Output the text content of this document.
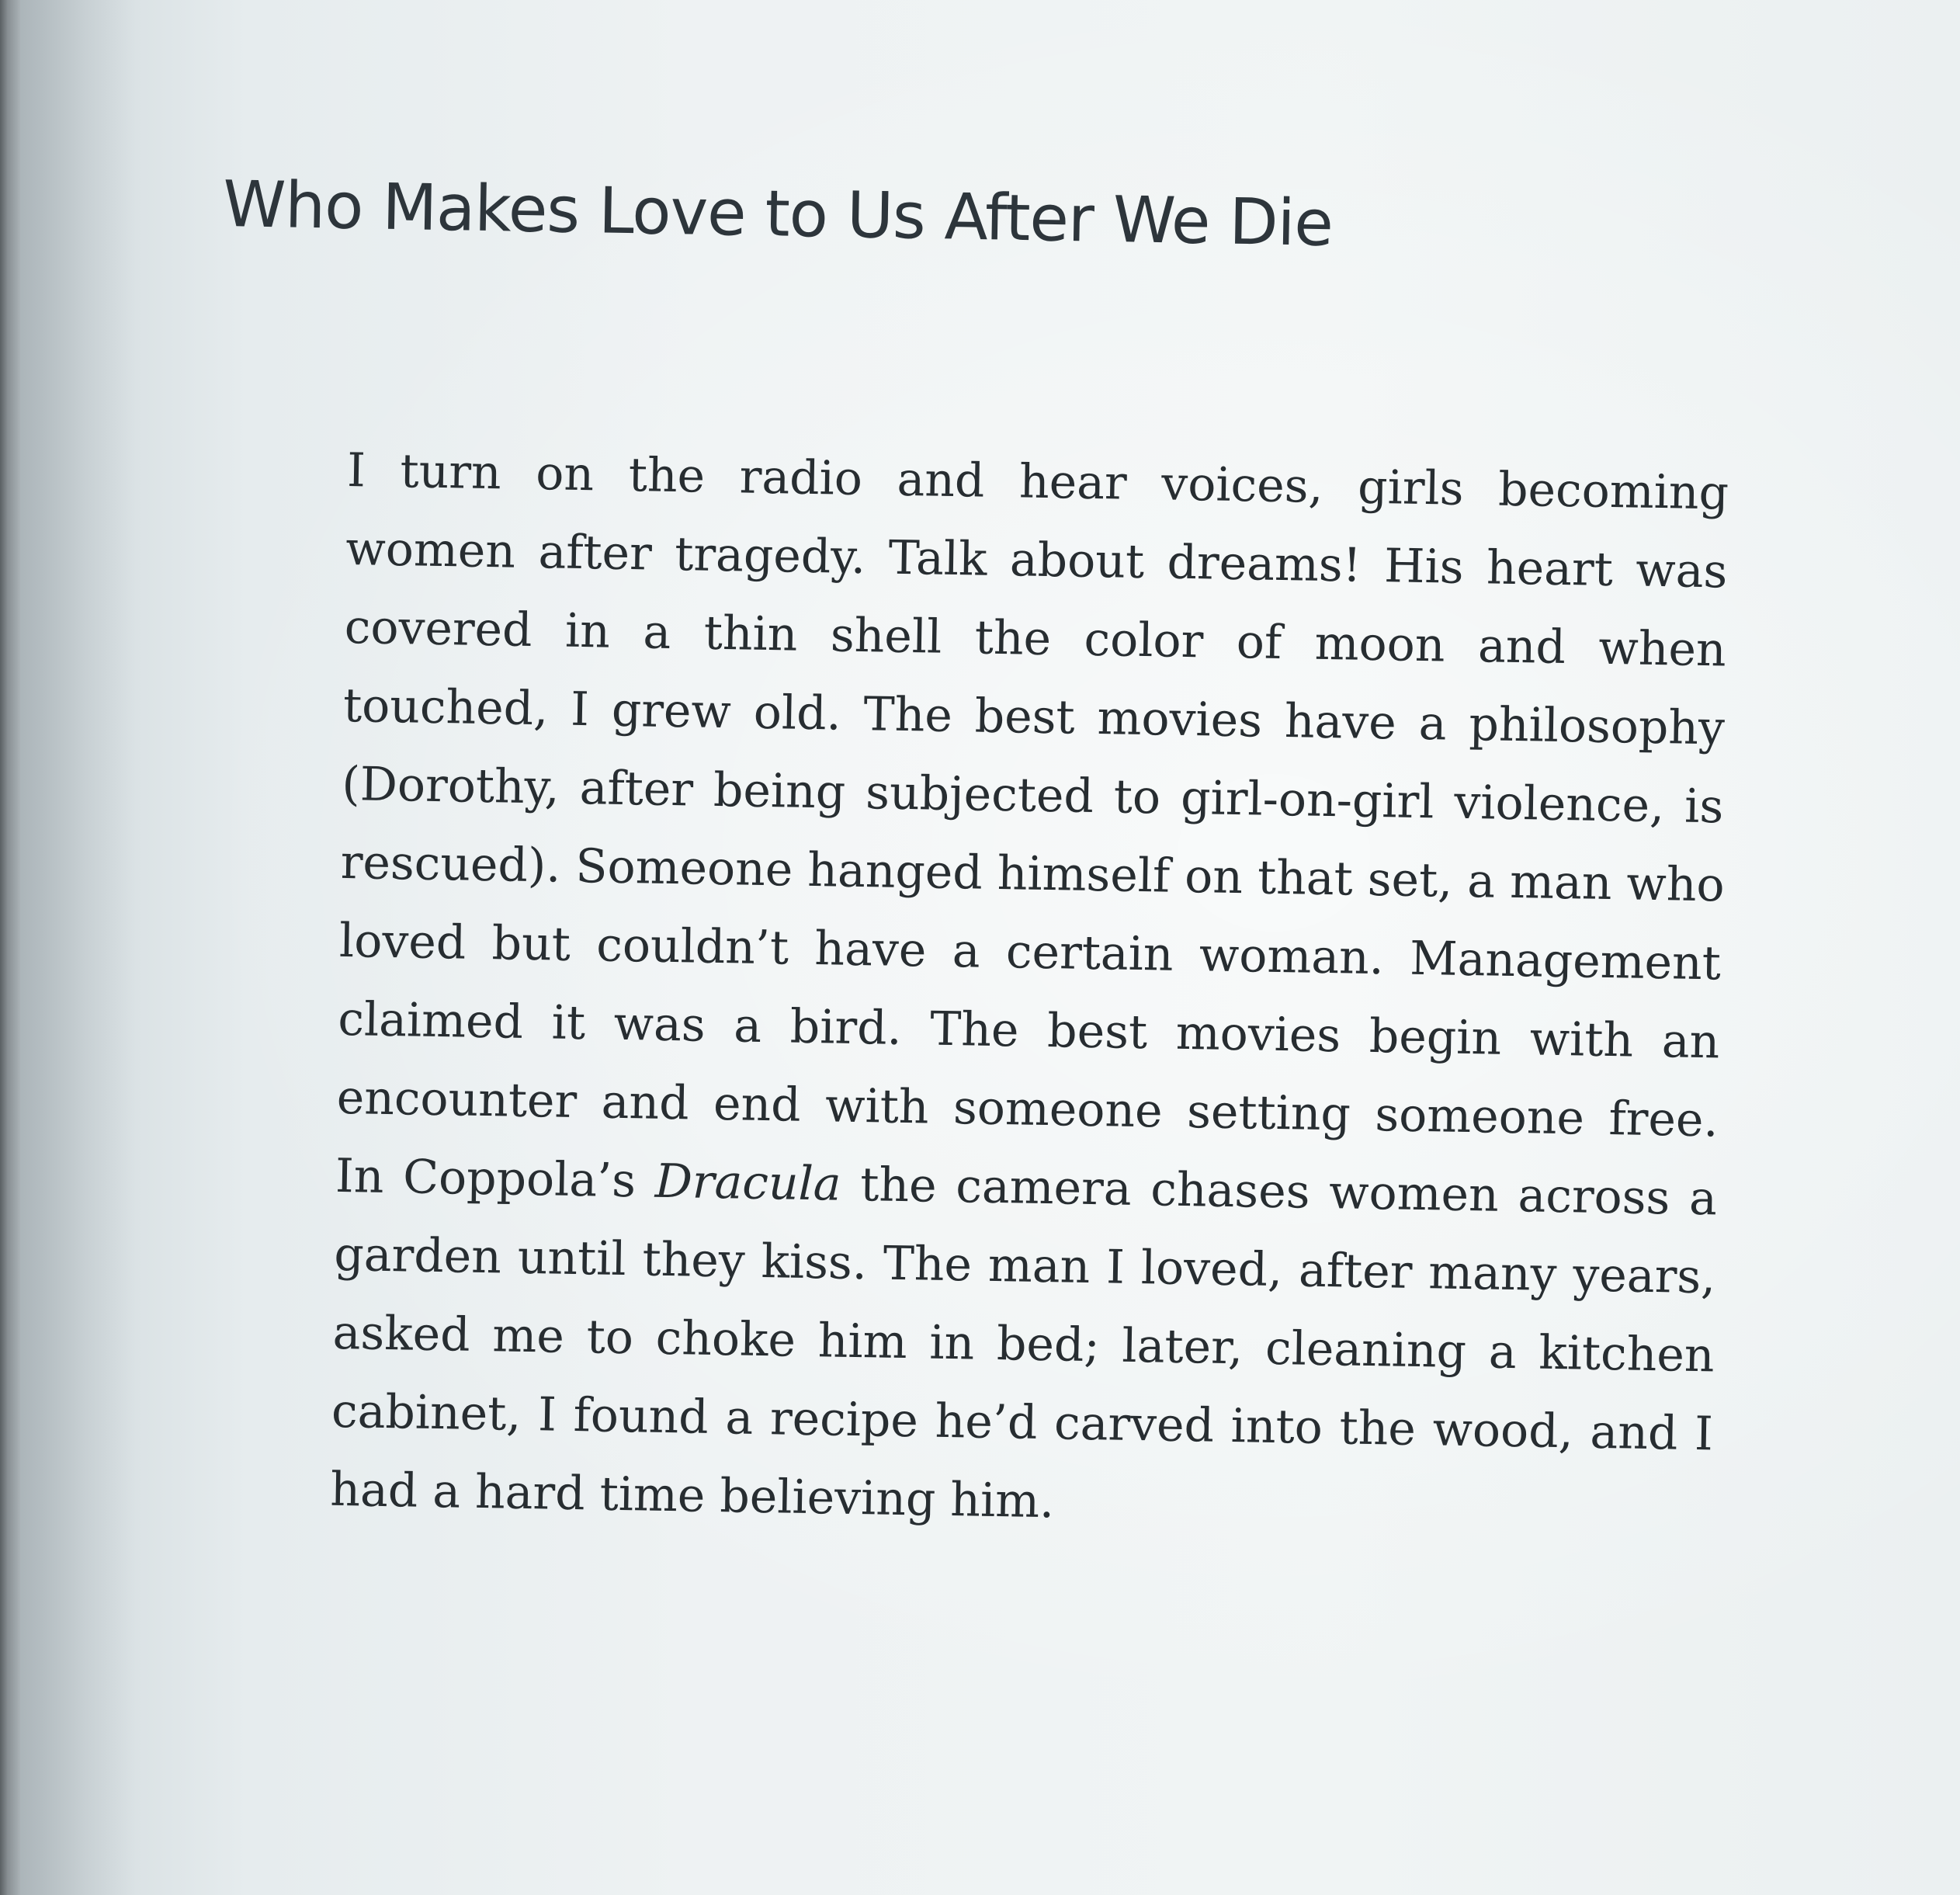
Who Makes Love to Us After We Die
I turn on the radio and hear voices, girls becoming
women after tragedy. Talk about dreams! His heart was
covered in a thin shell the color of moon and when
touched, I grew old. The best movies have a philosophy
(Dorothy, after being subjected to girl-on-girl violence, is
rescued). Someone hanged himself on that set, a man who
loved but couldn’t have a certain woman. Management
claimed it was a bird. The best movies begin with an
encounter and end with someone setting someone free.
In Coppola’s Dracula the camera chases women across a
garden until they kiss. The man I loved, after many years,
asked me to choke him in bed; later, cleaning a kitchen
cabinet, I found a recipe he’d carved into the wood, and I
had a hard time believing him.
